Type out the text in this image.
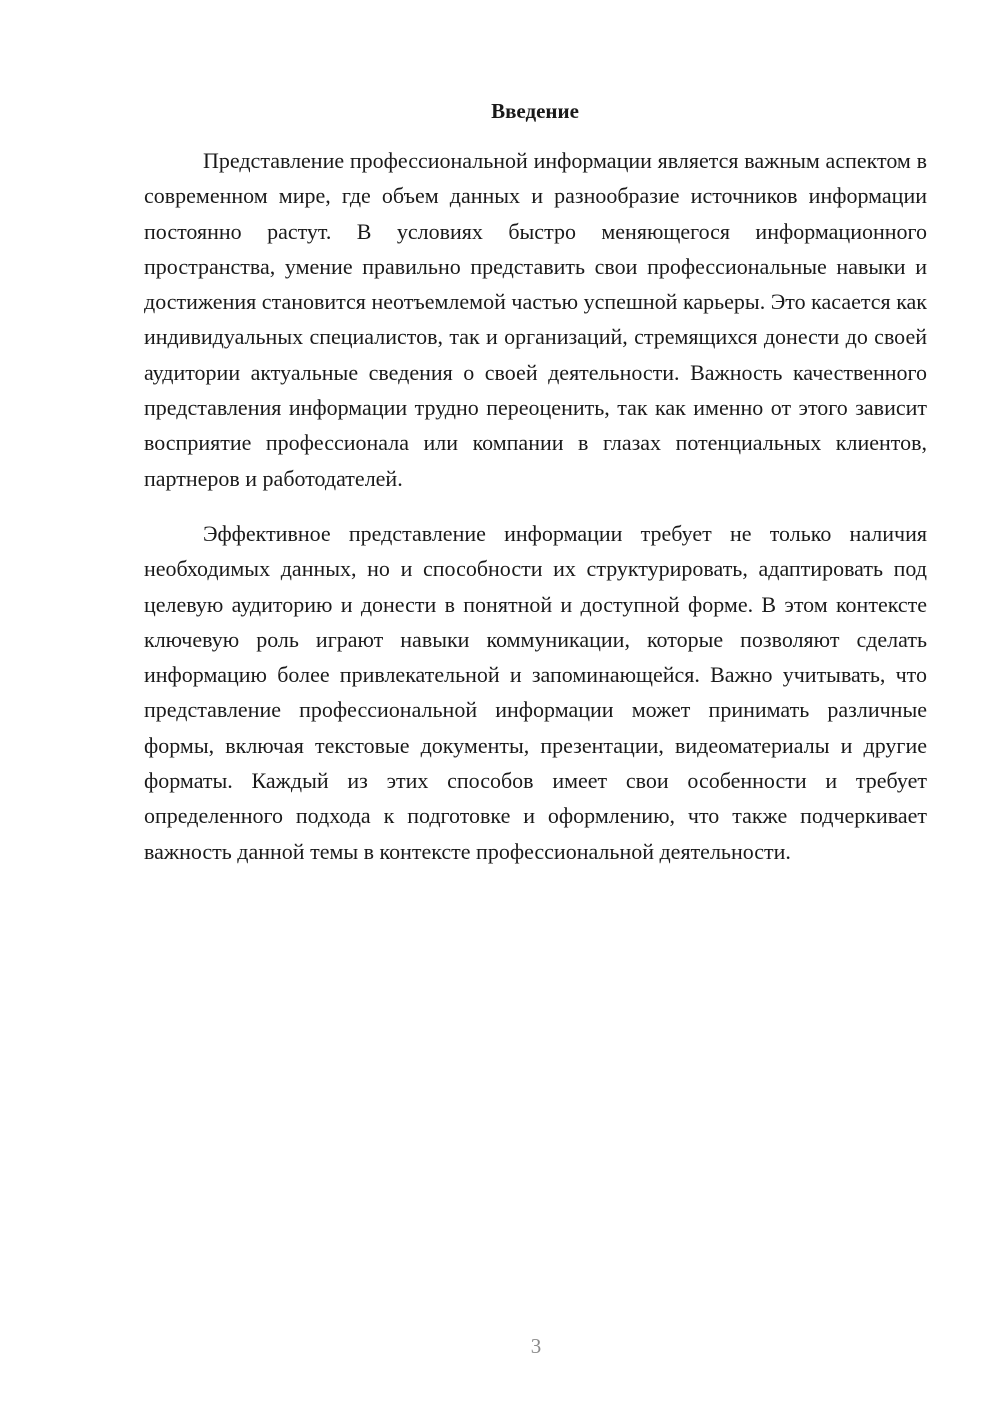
Введение

Представление профессиональной информации является важным аспектом в современном мире, где объем данных и разнообразие источников информации постоянно растут. В условиях быстро меняющегося информационного пространства, умение правильно представить свои профессиональные навыки и достижения становится неотъемлемой частью успешной карьеры. Это касается как индивидуальных специалистов, так и организаций, стремящихся донести до своей аудитории актуальные сведения о своей деятельности. Важность качественного представления информации трудно переоценить, так как именно от этого зависит восприятие профессионала или компании в глазах потенциальных клиентов, партнеров и работодателей.

Эффективное представление информации требует не только наличия необходимых данных, но и способности их структурировать, адаптировать под целевую аудиторию и донести в понятной и доступной форме. В этом контексте ключевую роль играют навыки коммуникации, которые позволяют сделать информацию более привлекательной и запоминающейся. Важно учитывать, что представление профессиональной информации может принимать различные формы, включая текстовые документы, презентации, видеоматериалы и другие форматы. Каждый из этих способов имеет свои особенности и требует определенного подхода к подготовке и оформлению, что также подчеркивает важность данной темы в контексте профессиональной деятельности.

3
